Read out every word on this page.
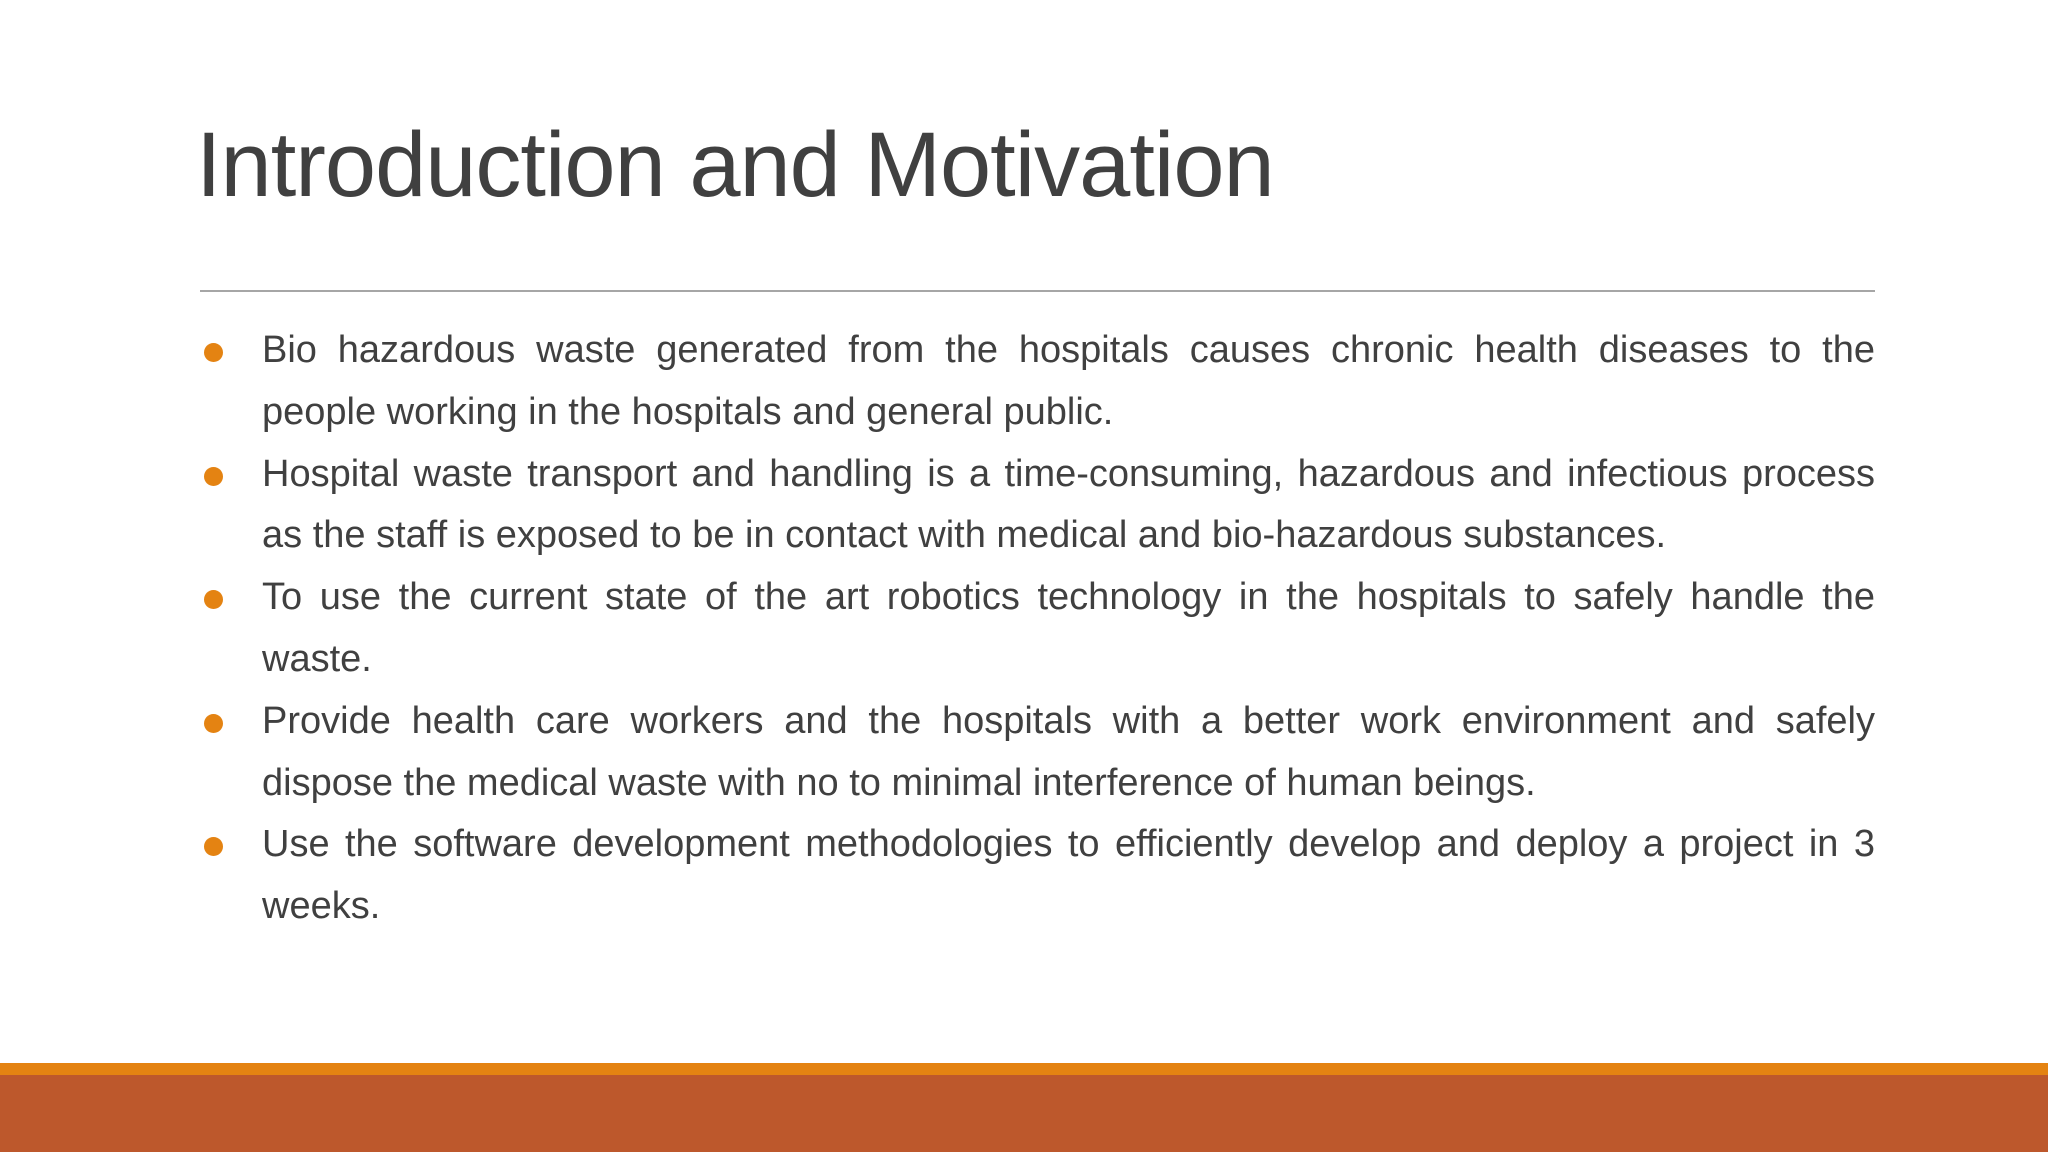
Introduction and Motivation
Bio hazardous waste generated from the hospitals causes chronic health diseases to the people working in the hospitals and general public.
Hospital waste transport and handling is a time-consuming, hazardous and infectious process as the staff is exposed to be in contact with medical and bio-hazardous substances.
To use the current state of the art robotics technology in the hospitals to safely handle the waste.
Provide health care workers and the hospitals with a better work environment and safely dispose the medical waste with no to minimal interference of human beings.
Use the software development methodologies to efficiently develop and deploy a project in 3 weeks.
